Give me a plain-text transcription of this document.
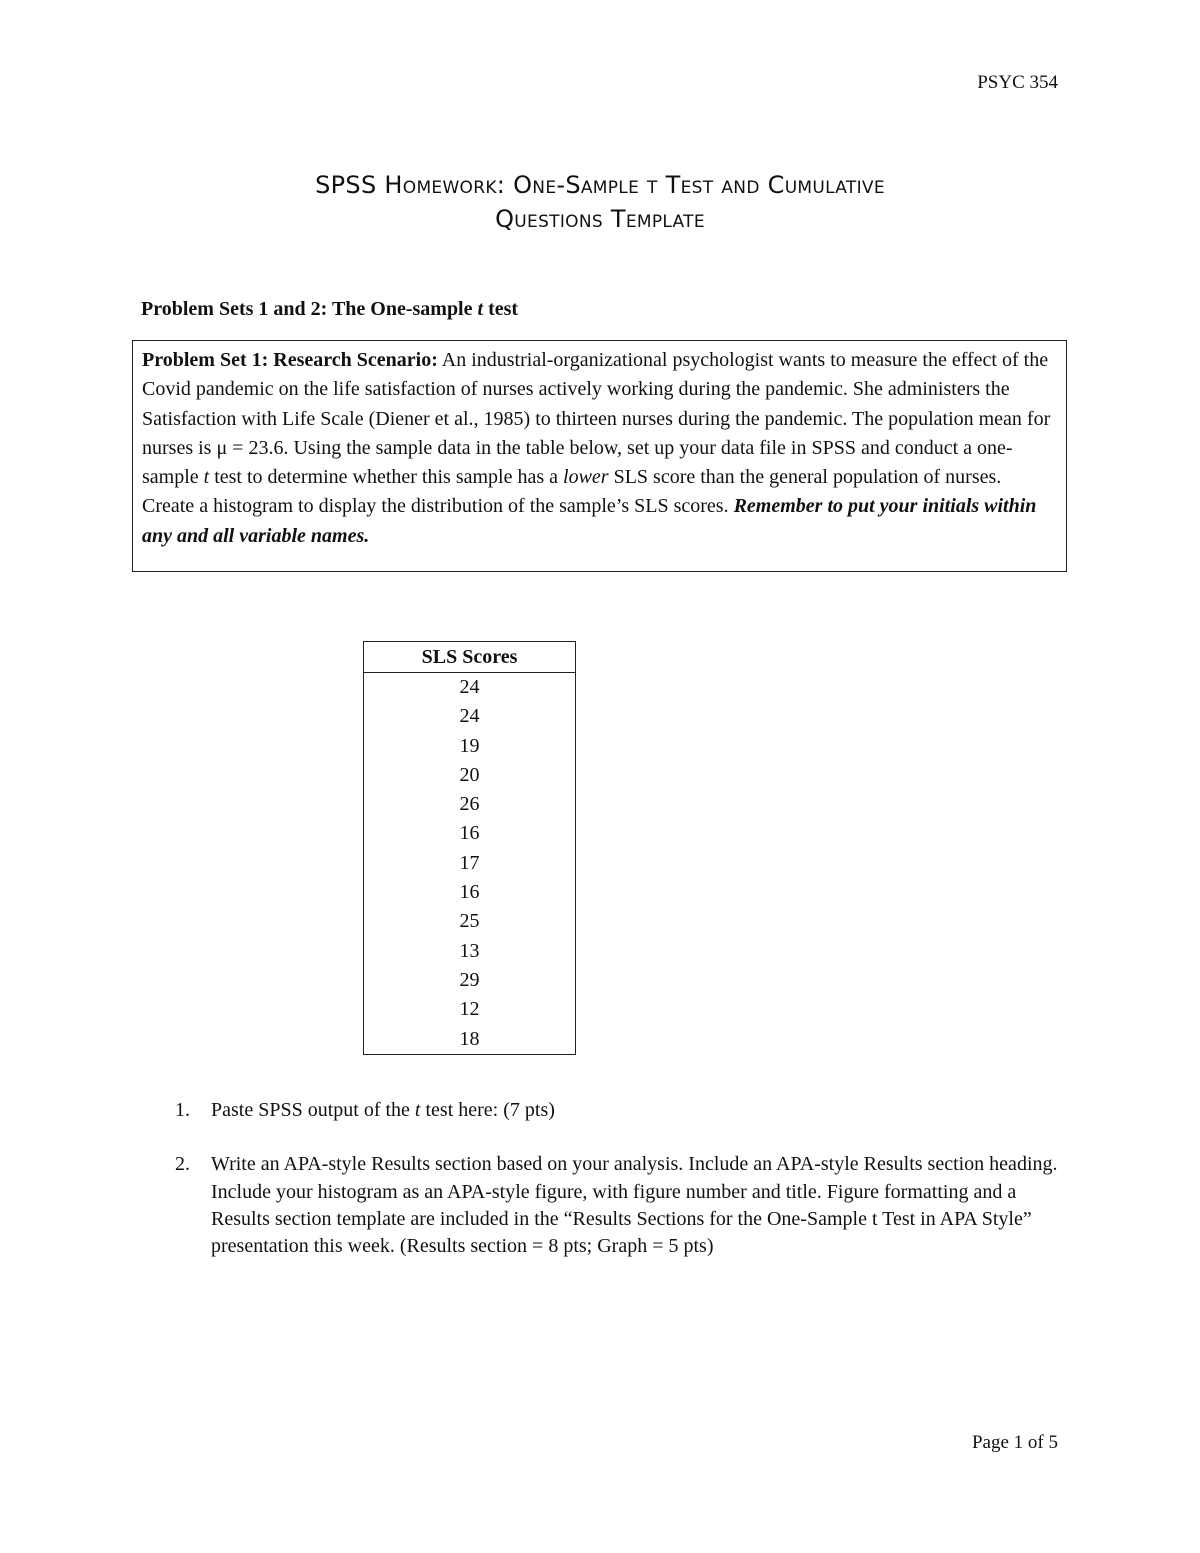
PSYC 354
SPSS Homework: One-Sample t Test and Cumulative
Questions Template
Problem Sets 1 and 2: The One-sample t test
Problem Set 1: Research Scenario: An industrial-organizational psychologist wants to measure the effect of the Covid pandemic on the life satisfaction of nurses actively working during the pandemic. She administers the Satisfaction with Life Scale (Diener et al., 1985) to thirteen nurses during the pandemic. The population mean for nurses is μ = 23.6. Using the sample data in the table below, set up your data file in SPSS and conduct a one-sample t test to determine whether this sample has a lower SLS score than the general population of nurses. Create a histogram to display the distribution of the sample’s SLS scores. Remember to put your initials within any and all variable names.
SLS Scores
24
24
19
20
26
16
17
16
25
13
29
12
18
1. Paste SPSS output of the t test here: (7 pts)
2. Write an APA-style Results section based on your analysis. Include an APA-style Results section heading. Include your histogram as an APA-style figure, with figure number and title. Figure formatting and a Results section template are included in the “Results Sections for the One-Sample t Test in APA Style” presentation this week. (Results section = 8 pts; Graph = 5 pts)
Page 1 of 5
